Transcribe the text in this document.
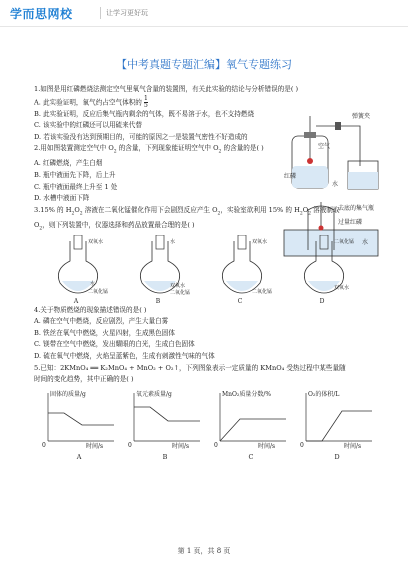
学而思网校	让学习更好玩
【中考真题专题汇编】氧气专题练习
弹簧夹
空气
红磷
水
去底的集气瓶
过量红磷
水

1.如图是用红磷燃烧法测定空气里氧气含量的装置图，有关此实验的结论与分析错误的是( )

A. 此实验证明，氧气约占空气体积的 $\frac{1}{5}$

B. 此实验证明，反应后集气瓶内剩余的气体，既不易溶于水，也不支持燃烧

C. 该实验中的红磷还可以用硫来代替

D. 若该实验没有达到预期目的，可能的原因之一是装置气密性不好造成的

2.用如图装置测定空气中 $O_2$ 的含量，下列现象能证明空气中 $O_2$ 的含量的是( )

A. 红磷燃烧，产生白烟

B. 瓶中液面先下降，后上升

C. 瓶中液面最终上升至 1 处

D. 水槽中液面下降

3.15% 的 $H_2O_2$ 溶液在二氧化锰催化作用下会剧烈反应产生 $O_2$，实验室欲利用 15% 的 $H_2O_2$ 溶液制取

$O_2$，则下列装置中，仪器选择和药品放置最合理的是( )

双氧水
水
二氧化锰
水
双氧水
二氧化锰
双氧水
二氧化锰
二氧化锰
双氧水
A	B	C	D

4.关于物质燃烧的现象描述错误的是( )

A. 磷在空气中燃烧，反应剧烈，产生大量白雾

B. 铁丝在氧气中燃烧，火星四射，生成黑色固体

C. 镁带在空气中燃烧，发出耀眼的白光，生成白色固体

D. 硫在氧气中燃烧，火焰呈蓝紫色，生成有刺激性气味的气体

5.已知：2KMnO₄ ══ K₂MnO₄ + MnO₂ + O₂↑，下列图象表示一定质量的 KMnO₄ 受热过程中某些量随

时间的变化趋势，其中正确的是( )

固体的质量/g
时间/s
0
氧元素质量/g
时间/s
0
MnO₂质量分数/%
时间/s
0
O₂的体积/L
时间/s
0
A	B	C	D
第 1 页，共 8 页
